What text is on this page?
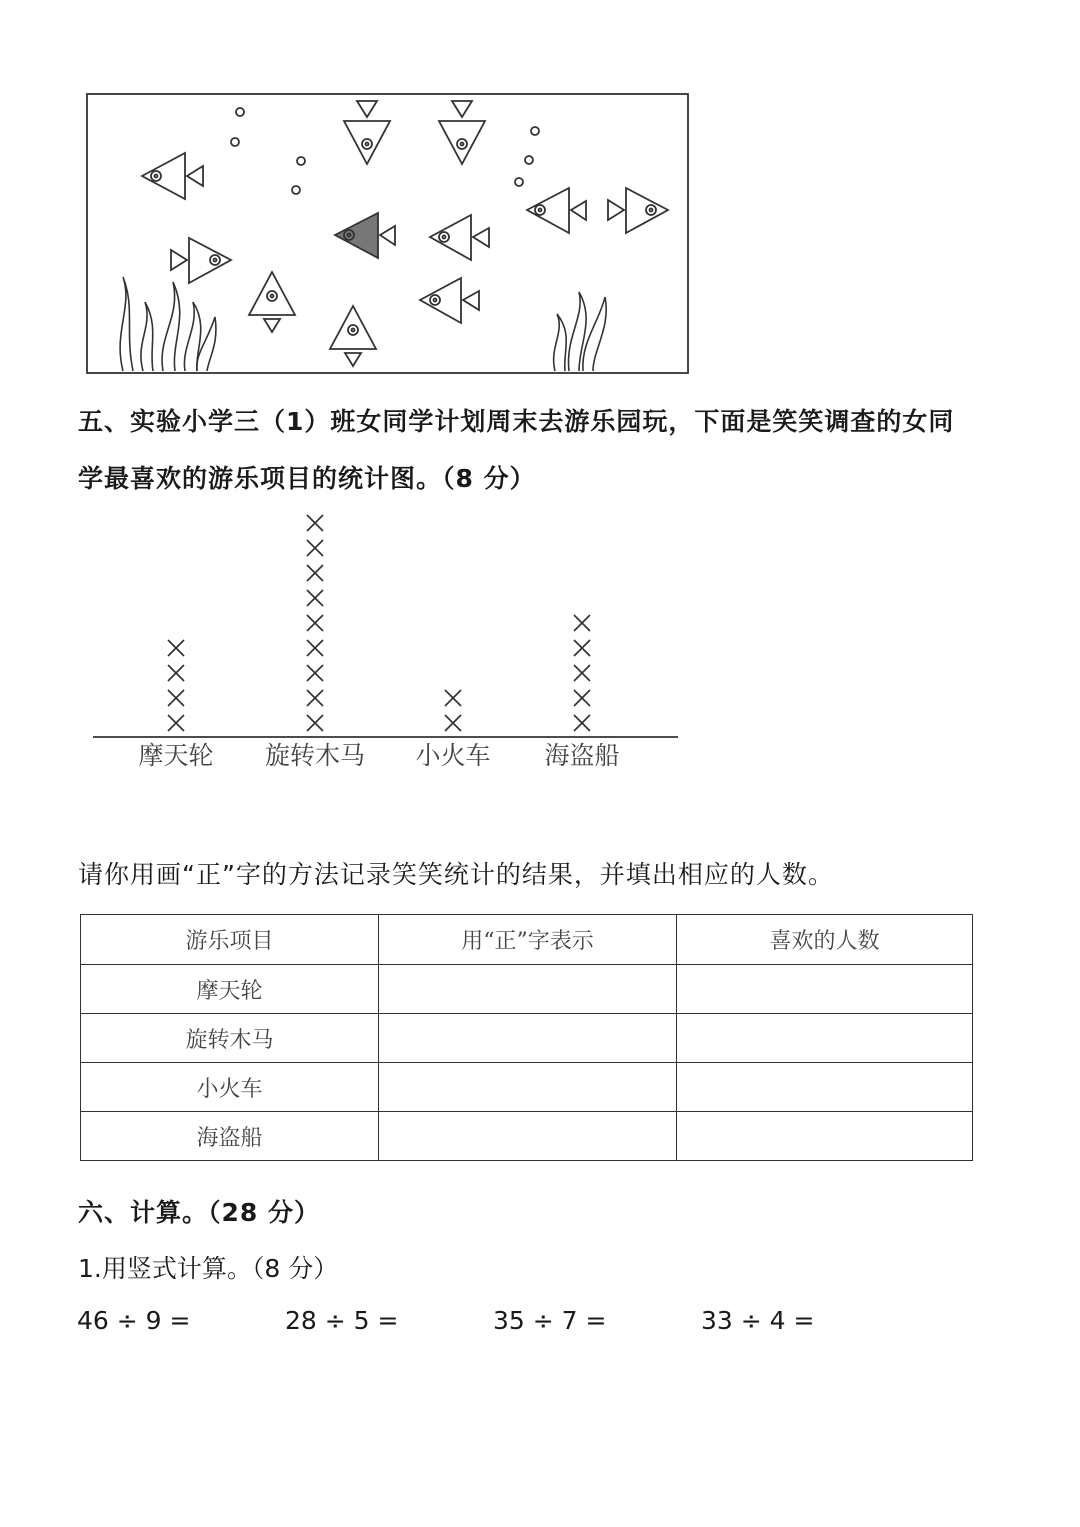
五、实验小学三（1）班女同学计划周末去游乐园玩，下面是笑笑调查的女同
学最喜欢的游乐项目的统计图。（8 分）
摩天轮 旋转木马 小火车 海盗船
请你用画“正”字的方法记录笑笑统计的结果，并填出相应的人数。
游乐项目	用“正”字表示	喜欢的人数
摩天轮		
旋转木马		
小火车		
海盗船		
六、计算。（28 分）
1.用竖式计算。（8 分）
46 ÷ 9 =	28 ÷ 5 =	35 ÷ 7 =	33 ÷ 4 =
